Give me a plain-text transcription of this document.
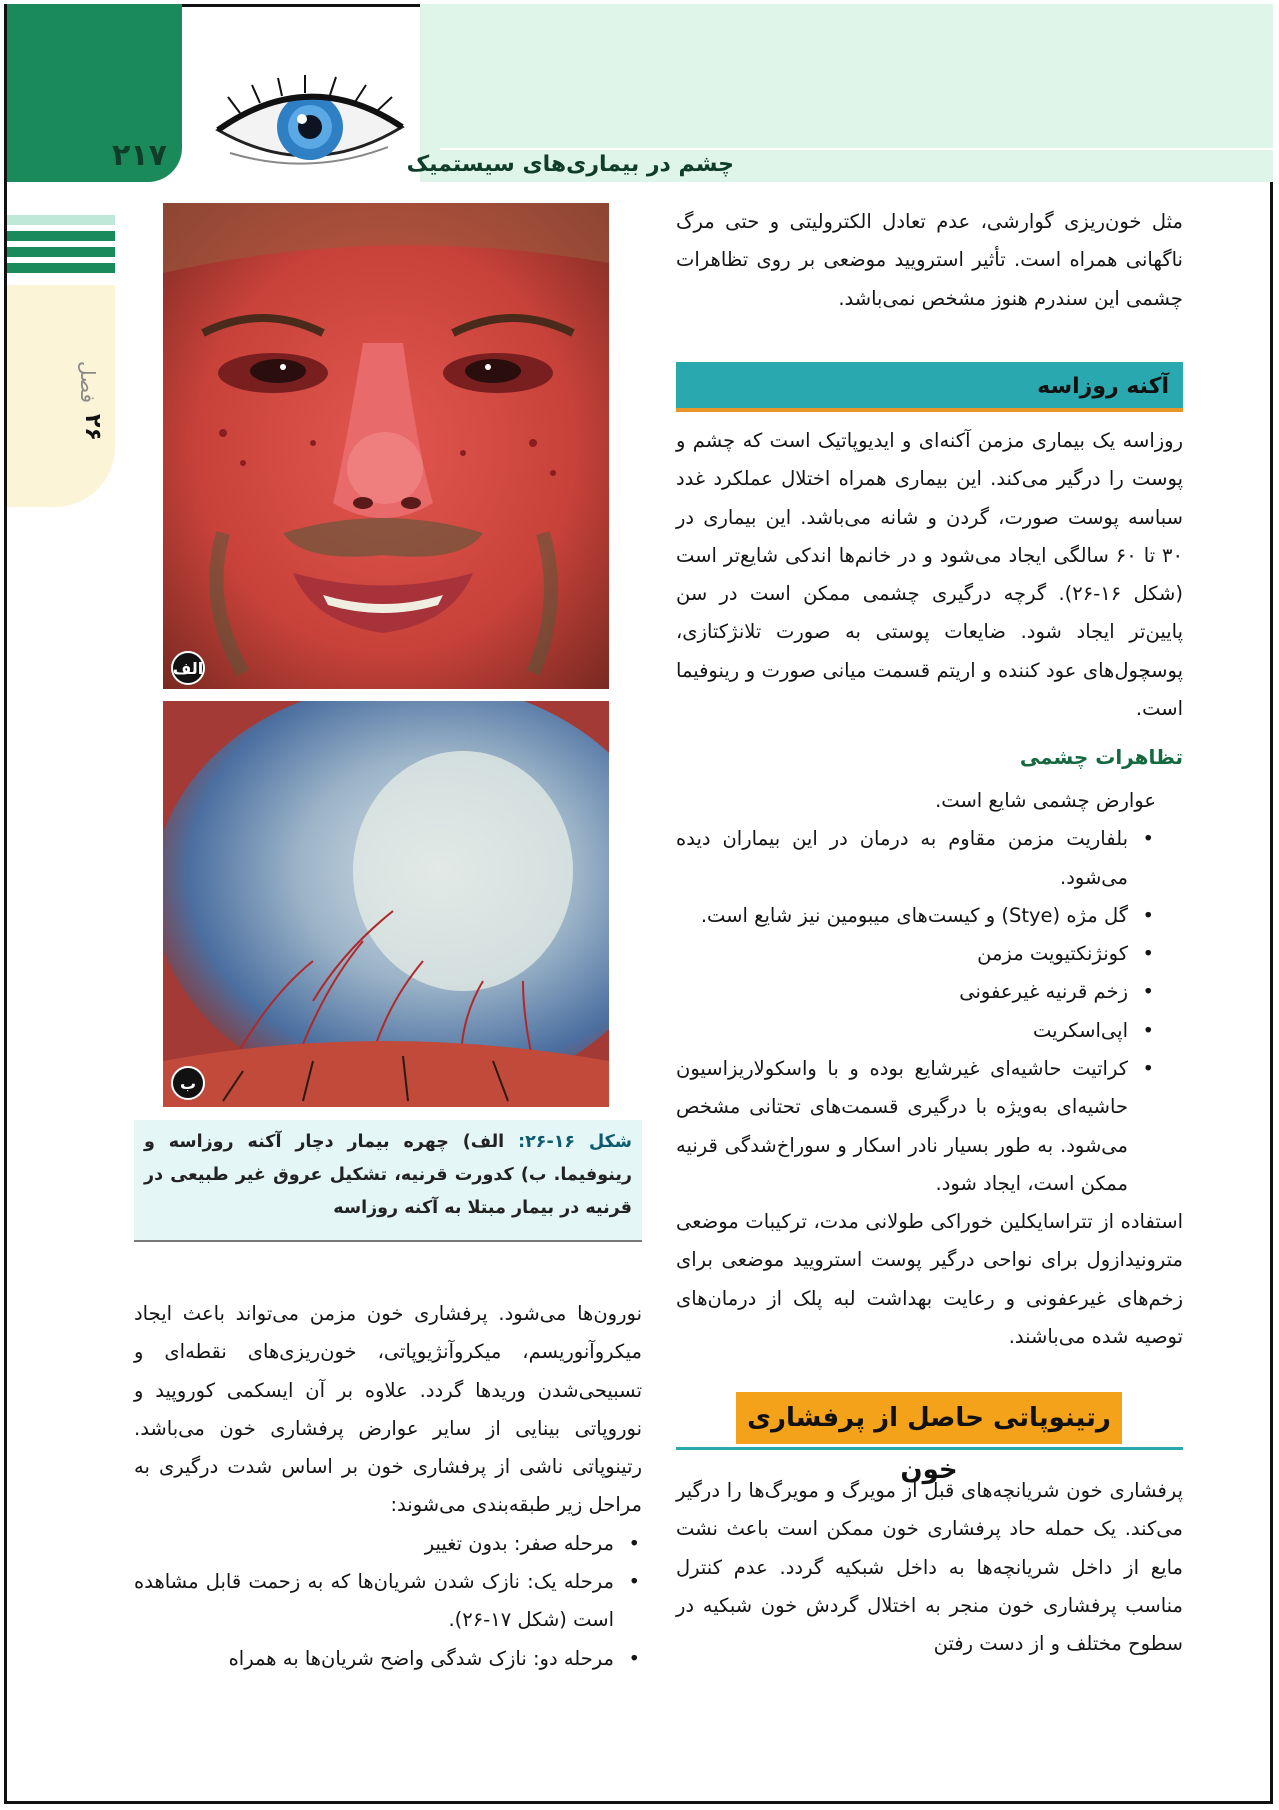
۲۱۷	چشم در بیماری‌های سیستمیک
فصل
۲۶
الف
ب
شکل ۱۶-۲۶: الف) چهره بیمار دچار آکنه روزاسه و رینوفیما. ب) کدورت قرنیه، تشکیل عروق غیر طبیعی در قرنیه در بیمار مبتلا به آکنه روزاسه

مثل خون‌ریزی گوارشی، عدم تعادل الکترولیتی و حتی مرگ ناگهانی همراه است. تأثیر استرویید موضعی بر روی تظاهرات چشمی این سندرم هنوز مشخص نمی‌باشد.

آکنه روزاسه

روزاسه یک بیماری مزمن آکنه‌ای و ایدیوپاتیک است که چشم و پوست را درگیر می‌کند. این بیماری همراه اختلال عملکرد غدد سباسه پوست صورت، گردن و شانه می‌باشد. این بیماری در ۳۰ تا ۶۰ سالگی ایجاد می‌شود و در خانم‌ها اندکی شایع‌تر است (شکل ۱۶-۲۶). گرچه درگیری چشمی ممکن است در سن پایین‌تر ایجاد شود. ضایعات پوستی به صورت تلانژکتازی، پوسچول‌های عود کننده و اریتم قسمت میانی صورت و رینوفیما است.

تظاهرات چشمی

عوارض چشمی شایع است.

• بلفاریت مزمن مقاوم به درمان در این بیماران دیده می‌شود.
• گل مژه (Stye) و کیست‌های میبومین نیز شایع است.
• کونژنکتیویت مزمن
• زخم قرنیه غیرعفونی
• اپی‌اسکریت
• کراتیت حاشیه‌ای غیرشایع بوده و با واسکولاریزاسیون حاشیه‌ای به‌ویژه با درگیری قسمت‌های تحتانی مشخص می‌شود. به طور بسیار نادر اسکار و سوراخ‌شدگی قرنیه ممکن است، ایجاد شود.

استفاده از تتراسایکلین خوراکی طولانی مدت، ترکیبات موضعی مترونیدازول برای نواحی درگیر پوست استرویید موضعی برای زخم‌های غیرعفونی و رعایت بهداشت لبه پلک از درمان‌های توصیه شده می‌باشند.

رتینوپاتی حاصل از پرفشاری خون

پرفشاری خون شریانچه‌های قبل از مویرگ و مویرگ‌ها را درگیر می‌کند. یک حمله حاد پرفشاری خون ممکن است باعث نشت مایع از داخل شریانچه‌ها به داخل شبکیه گردد. عدم کنترل مناسب پرفشاری خون منجر به اختلال گردش خون شبکیه در سطوح مختلف و از دست رفتن

نورون‌ها می‌شود. پرفشاری خون مزمن می‌تواند باعث ایجاد میکروآنوریسم، میکروآنژیوپاتی، خون‌ریزی‌های نقطه‌ای و تسبیحی‌شدن وریدها گردد. علاوه بر آن ایسکمی کوروپید و نوروپاتی بینایی از سایر عوارض پرفشاری خون می‌باشد. رتینوپاتی ناشی از پرفشاری خون بر اساس شدت درگیری به مراحل زیر طبقه‌بندی می‌شوند:

• مرحله صفر: بدون تغییر
• مرحله یک: نازک شدن شریان‌ها که به زحمت قابل مشاهده است (شکل ۱۷-۲۶).
• مرحله دو: نازک شدگی واضح شریان‌ها به همراه
